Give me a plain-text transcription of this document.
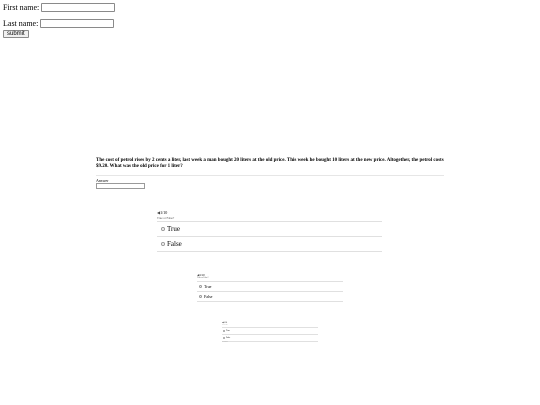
First name:
Last name:
submit
The cost of petrol rises by 2 cents a liter, last week a man bought 20 liters at the old price. This week he bought 10 liters at the new price. Altogether, the petrol costs $9.20. What was the old price for 1 liter?
Answer
◀ 1/10
True or False?
True
False
◀ 1/10
True or False?
True
False
◀ 1/10
True or False?
True
False
Next question
